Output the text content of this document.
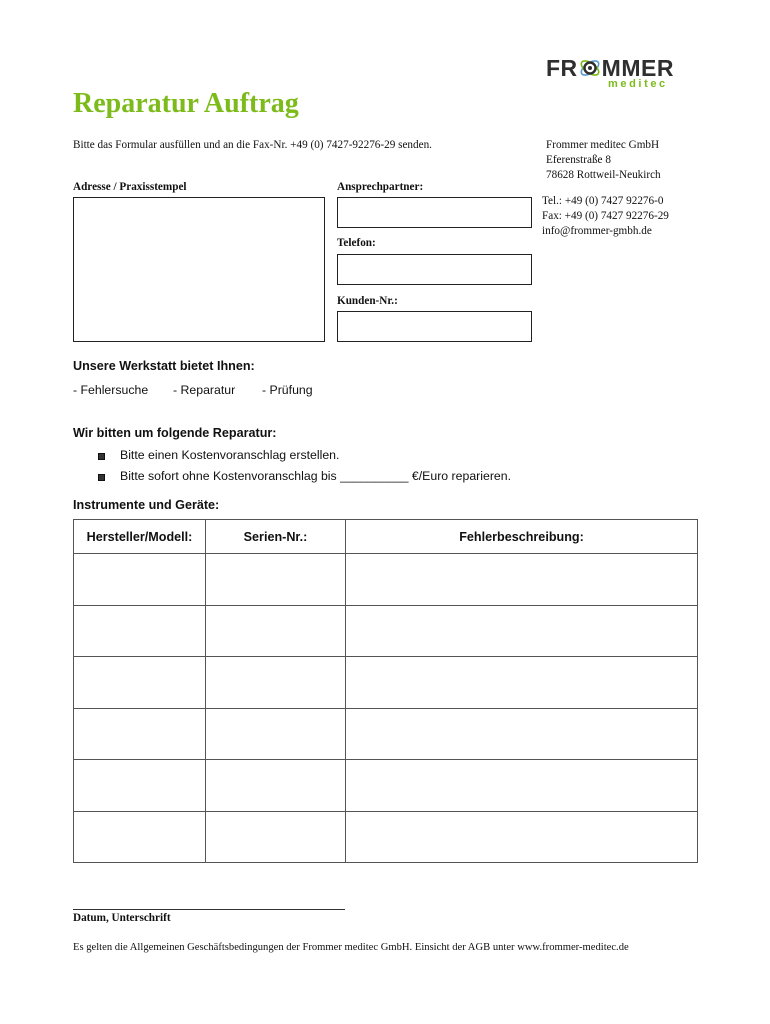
FR MMER
meditec
Reparatur Auftrag
Bitte das Formular ausfüllen und an die Fax-Nr. +49 (0) 7427-92276-29 senden.	Frommer meditec GmbH
Eferenstraße 8
78628 Rottweil-Neukirch
Tel.: +49 (0) 7427 92276-0
Fax: +49 (0) 7427 92276-29
info@frommer-gmbh.de
Adresse / Praxisstempel	Ansprechpartner:
Telefon:
Kunden-Nr.:
Unsere Werkstatt bietet Ihnen:
- Fehlersuche - Reparatur - Prüfung
Wir bitten um folgende Reparatur:
Bitte einen Kostenvoranschlag erstellen.
Bitte sofort ohne Kostenvoranschlag bis __________ €/Euro reparieren.
Instrumente und Geräte:
Hersteller/Modell:	Serien-Nr.:	Fehlerbeschreibung:

Datum, Unterschrift
Es gelten die Allgemeinen Geschäftsbedingungen der Frommer meditec GmbH. Einsicht der AGB unter www.frommer-meditec.de
